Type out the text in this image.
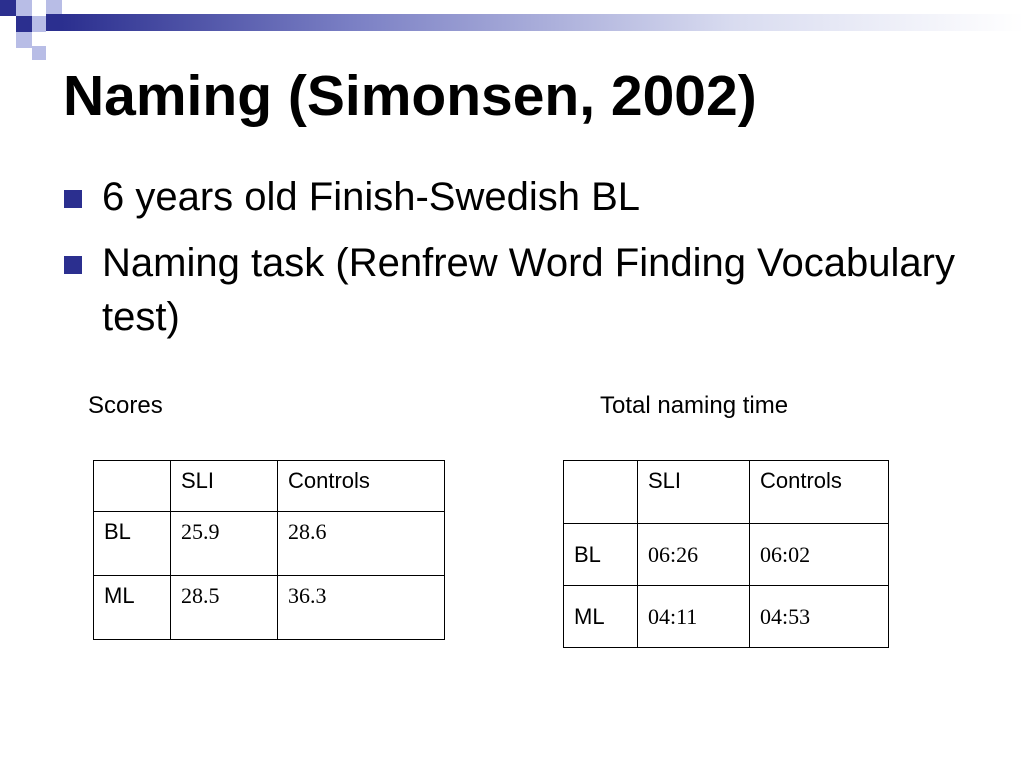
Naming (Simonsen, 2002)
6 years old Finish-Swedish BL
Naming task (Renfrew Word Finding Vocabulary test)
Scores	Total naming time
	SLI	Controls
BL	25.9	28.6
ML	28.5	36.3
	SLI	Controls
BL	06:26	06:02
ML	04:11	04:53
